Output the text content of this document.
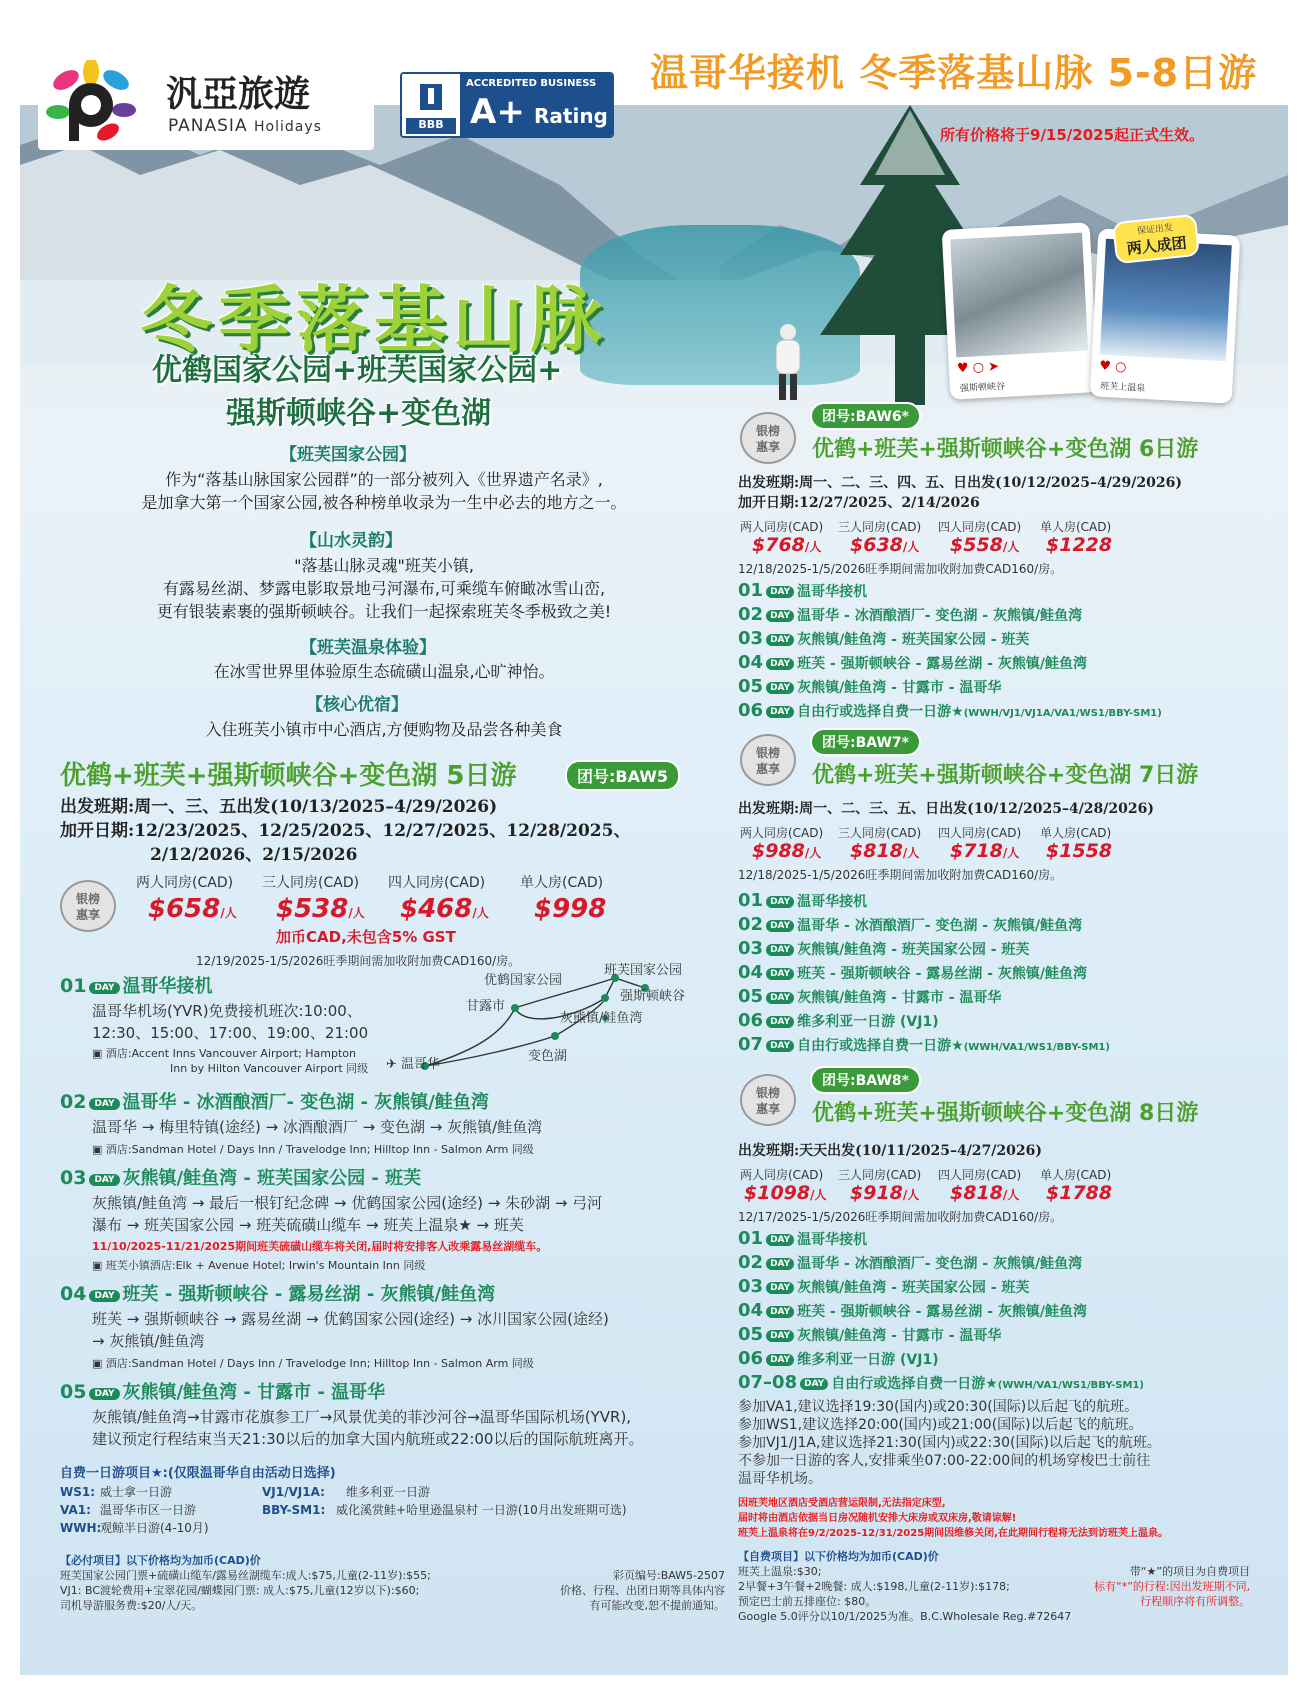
温哥华接机 冬季落基山脉 5-8日游
所有价格将于9/15/2025起正式生效。
汎亞旅遊
PANASIA Holidays	BBB
ACCREDITED BUSINESS
A+ Rating
冬季落基山脉
优鹤国家公园+班芙国家公园+
强斯顿峡谷+变色湖
♥ ○ ➤
强斯顿峡谷
♥ ○
班芙上温泉
保证出发
两人成团
【班芙国家公园】
作为“落基山脉国家公园群”的一部分被列入《世界遗产名录》,
是加拿大第一个国家公园,被各种榜单收录为一生中必去的地方之一。
【山水灵韵】
"落基山脉灵魂"班芙小镇,
有露易丝湖、梦露电影取景地弓河瀑布,可乘缆车俯瞰冰雪山峦,
更有银装素裹的强斯顿峡谷。让我们一起探索班芙冬季极致之美!
【班芙温泉体验】
在冰雪世界里体验原生态硫磺山温泉,心旷神怡。
【核心优宿】
入住班芙小镇市中心酒店,方便购物及品尝各种美食
优鹤+班芙+强斯顿峡谷+变色湖 5日游	团号:BAW5
出发班期:周一、三、五出发(10/13/2025–4/29/2026)
加开日期:12/23/2025、12/25/2025、12/27/2025、12/28/2025、
2/12/2026、2/15/2026
银榜
惠享
两人同房(CAD) 三人同房(CAD) 四人同房(CAD) 单人房(CAD)
$658/人 $538/人 $468/人 $998
加币CAD,未包含5% GST
12/19/2025-1/5/2026旺季期间需加收附加费CAD160/房。
01 DAY 温哥华接机
温哥华机场(YVR)免费接机班次:10:00、
12:30、15:00、17:00、19:00、21:00
▣ 酒店:Accent Inns Vancouver Airport; Hampton
Inn by Hilton Vancouver Airport 同级
优鹤国家公园
班芙国家公园
强斯顿峡谷
甘露市
灰熊镇/鲑鱼湾
变色湖
✈ 温哥华
02 DAY 温哥华 - 冰酒酿酒厂- 变色湖 - 灰熊镇/鲑鱼湾
温哥华 → 梅里特镇(途经) → 冰酒酿酒厂 → 变色湖 → 灰熊镇/鲑鱼湾
▣ 酒店:Sandman Hotel / Days Inn / Travelodge Inn; Hilltop Inn - Salmon Arm 同级
03 DAY 灰熊镇/鲑鱼湾 - 班芙国家公园 - 班芙
灰熊镇/鲑鱼湾 → 最后一根钉纪念碑 → 优鹤国家公园(途经) → 朱砂湖 → 弓河
瀑布 → 班芙国家公园 → 班芙硫磺山缆车 → 班芙上温泉★ → 班芙
11/10/2025-11/21/2025期间班芙硫磺山缆车将关闭,届时将安排客人改乘露易丝湖缆车。
▣ 班芙小镇酒店:Elk + Avenue Hotel; Irwin's Mountain Inn 同级
04 DAY 班芙 - 强斯顿峡谷 - 露易丝湖 - 灰熊镇/鲑鱼湾
班芙 → 强斯顿峡谷 → 露易丝湖 → 优鹤国家公园(途经) → 冰川国家公园(途经)
→ 灰熊镇/鲑鱼湾
▣ 酒店:Sandman Hotel / Days Inn / Travelodge Inn; Hilltop Inn - Salmon Arm 同级
05 DAY 灰熊镇/鲑鱼湾 - 甘露市 - 温哥华
灰熊镇/鲑鱼湾→甘露市花旗参工厂→风景优美的菲沙河谷→温哥华国际机场(YVR),
建议预定行程结束当天21:30以后的加拿大国内航班或22:00以后的国际航班离开。
自费一日游项目★:(仅限温哥华自由活动日选择)
WS1: 威士拿一日游
VA1: 温哥华市区一日游
WWH:观鲸半日游(4-10月)
VJ1/VJ1A: 维多利亚一日游
BBY-SM1: 威化溪赏鲑+哈里逊温泉村 一日游(10月出发班期可选)
【必付项目】以下价格均为加币(CAD)价
班芙国家公园门票+硫磺山缆车/露易丝湖缆车:成人:$75,儿童(2-11岁):$55;
VJ1: BC渡轮费用+宝翠花园/蝴蝶园门票: 成人:$75,儿童(12岁以下):$60;
司机导游服务费:$20/人/天。
彩页编号:BAW5-2507
价格、行程、出团日期等具体内容
有可能改变,恕不提前通知。
银榜
惠享
团号:BAW6*
优鹤+班芙+强斯顿峡谷+变色湖 6日游
出发班期:周一、二、三、四、五、日出发(10/12/2025–4/29/2026)
加开日期:12/27/2025、2/14/2026
两人同房(CAD) 三人同房(CAD) 四人同房(CAD) 单人房(CAD)
$768/人 $638/人 $558/人 $1228
12/18/2025-1/5/2026旺季期间需加收附加费CAD160/房。
01 DAY 温哥华接机
02 DAY 温哥华 - 冰酒酿酒厂- 变色湖 - 灰熊镇/鲑鱼湾
03 DAY 灰熊镇/鲑鱼湾 - 班芙国家公园 - 班芙
04 DAY 班芙 - 强斯顿峡谷 - 露易丝湖 - 灰熊镇/鲑鱼湾
05 DAY 灰熊镇/鲑鱼湾 - 甘露市 - 温哥华
06 DAY 自由行或选择自费一日游★(WWH/VJ1/VJ1A/VA1/WS1/BBY-SM1)
银榜
惠享
团号:BAW7*
优鹤+班芙+强斯顿峡谷+变色湖 7日游
出发班期:周一、二、三、五、日出发(10/12/2025–4/28/2026)
两人同房(CAD) 三人同房(CAD) 四人同房(CAD) 单人房(CAD)
$988/人 $818/人 $718/人 $1558
12/18/2025-1/5/2026旺季期间需加收附加费CAD160/房。
01 DAY 温哥华接机
02 DAY 温哥华 - 冰酒酿酒厂- 变色湖 - 灰熊镇/鲑鱼湾
03 DAY 灰熊镇/鲑鱼湾 - 班芙国家公园 - 班芙
04 DAY 班芙 - 强斯顿峡谷 - 露易丝湖 - 灰熊镇/鲑鱼湾
05 DAY 灰熊镇/鲑鱼湾 - 甘露市 - 温哥华
06 DAY 维多利亚一日游 (VJ1)
07 DAY 自由行或选择自费一日游★(WWH/VA1/WS1/BBY-SM1)
银榜
惠享
团号:BAW8*
优鹤+班芙+强斯顿峡谷+变色湖 8日游
出发班期:天天出发(10/11/2025–4/27/2026)
两人同房(CAD) 三人同房(CAD) 四人同房(CAD) 单人房(CAD)
$1098/人 $918/人 $818/人 $1788
12/17/2025-1/5/2026旺季期间需加收附加费CAD160/房。
01 DAY 温哥华接机
02 DAY 温哥华 - 冰酒酿酒厂- 变色湖 - 灰熊镇/鲑鱼湾
03 DAY 灰熊镇/鲑鱼湾 - 班芙国家公园 - 班芙
04 DAY 班芙 - 强斯顿峡谷 - 露易丝湖 - 灰熊镇/鲑鱼湾
05 DAY 灰熊镇/鲑鱼湾 - 甘露市 - 温哥华
06 DAY 维多利亚一日游 (VJ1)
07–08 DAY 自由行或选择自费一日游★(WWH/VA1/WS1/BBY-SM1)
参加VA1,建议选择19:30(国内)或20:30(国际)以后起飞的航班。
参加WS1,建议选择20:00(国内)或21:00(国际)以后起飞的航班。
参加VJ1/J1A,建议选择21:30(国内)或22:30(国际)以后起飞的航班。
不参加一日游的客人,安排乘坐07:00-22:00间的机场穿梭巴士前往
温哥华机场。
因班芙地区酒店受酒店营运限制,无法指定床型,
届时将由酒店依据当日房况随机安排大床房或双床房,敬请谅解!
班芙上温泉将在9/2/2025-12/31/2025期间因维修关闭,在此期间行程将无法到访班芙上温泉。
【自费项目】以下价格均为加币(CAD)价
班芙上温泉:$30;
2早餐+3午餐+2晚餐: 成人:$198,儿童(2-11岁):$178;
预定巴士前五排座位: $80。
Google 5.0评分以10/1/2025为准。B.C.Wholesale Reg.#72647
带“★”的项目为自费项目
标有“*”的行程:因出发班期不同,
行程顺序将有所调整。
